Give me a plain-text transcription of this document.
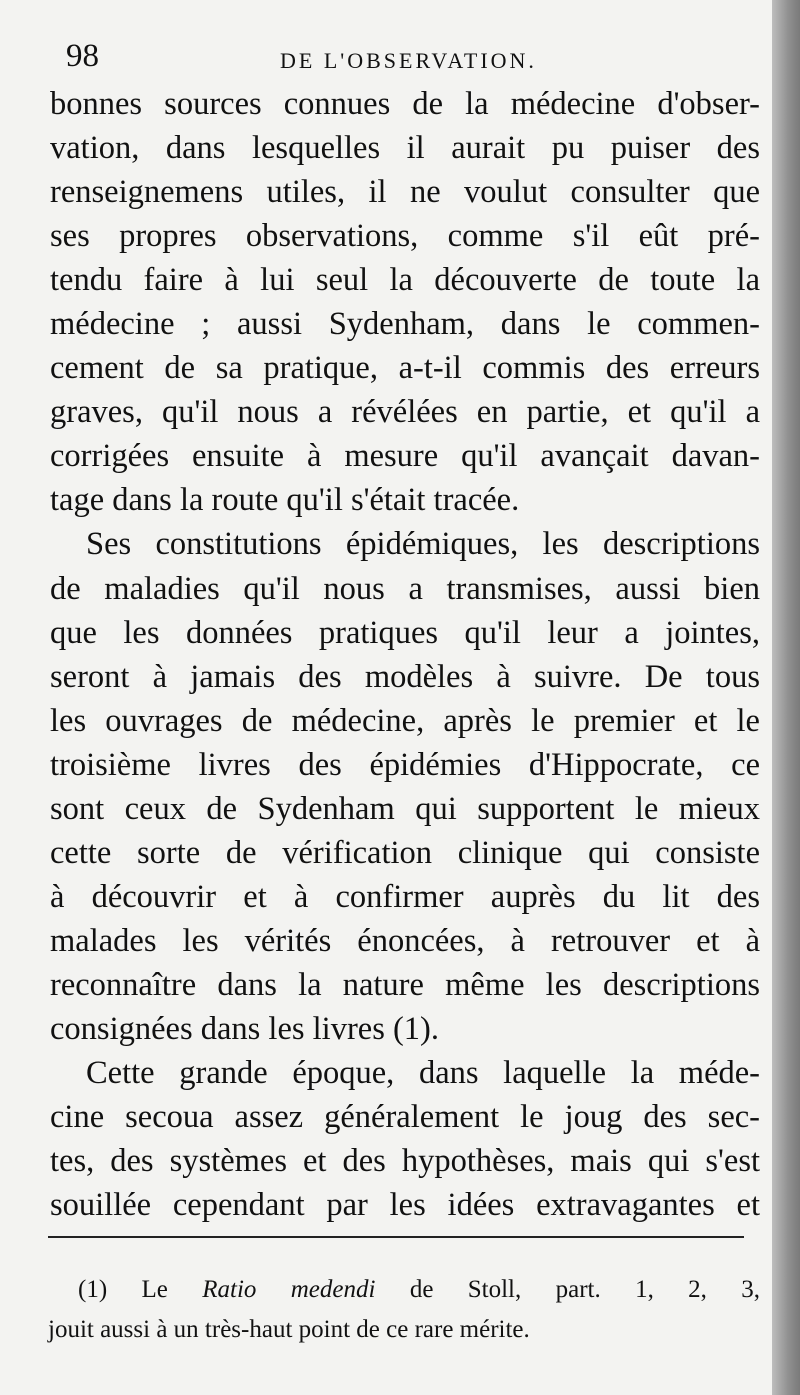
98	DE L'OBSERVATION.
bonnes sources connues de la médecine d'obser-
vation, dans lesquelles il aurait pu puiser des
renseignemens utiles, il ne voulut consulter que
ses propres observations, comme s'il eût pré-
tendu faire à lui seul la découverte de toute la
médecine ; aussi Sydenham, dans le commen-
cement de sa pratique, a-t-il commis des erreurs
graves, qu'il nous a révélées en partie, et qu'il a
corrigées ensuite à mesure qu'il avançait davan-
tage dans la route qu'il s'était tracée.
Ses constitutions épidémiques, les descriptions
de maladies qu'il nous a transmises, aussi bien
que les données pratiques qu'il leur a jointes,
seront à jamais des modèles à suivre. De tous
les ouvrages de médecine, après le premier et le
troisième livres des épidémies d'Hippocrate, ce
sont ceux de Sydenham qui supportent le mieux
cette sorte de vérification clinique qui consiste
à découvrir et à confirmer auprès du lit des
malades les vérités énoncées, à retrouver et à
reconnaître dans la nature même les descriptions
consignées dans les livres (1).
Cette grande époque, dans laquelle la méde-
cine secoua assez généralement le joug des sec-
tes, des systèmes et des hypothèses, mais qui s'est
souillée cependant par les idées extravagantes et
(1) Le Ratio medendi de Stoll, part. 1, 2, 3,
jouit aussi à un très-haut point de ce rare mérite.
